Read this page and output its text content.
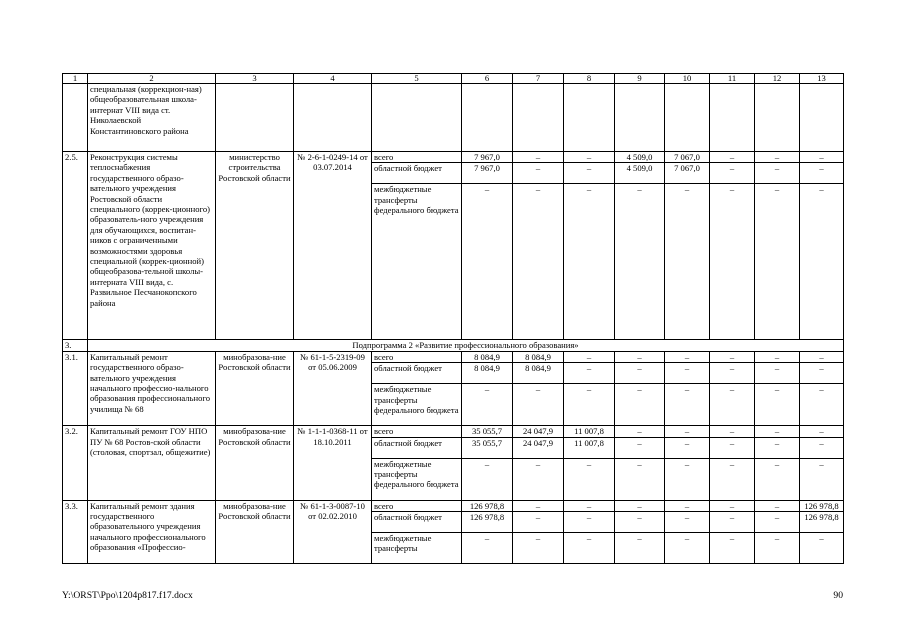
1	2	3	4	5	6	7	8	9	10	11	12	13
	специальная (коррекцион-ная) общеобразовательная школа-интернат VIII вида ст. Николаевской Константиновского района											
2.5.	Реконструкция системы теплоснабжения государственного образо-вательного учреждения Ростовской области специального (коррек-ционного) образователь-ного учреждения для обучающихся, воспитан-ников с ограниченными возможностями здоровья специальной (коррек-ционной) общеобразова-тельной школы-интерната VIII вида, с. Развильное Песчанокопского района	министерство строительства Ростовской области	№ 2-6-1-0249-14 от 03.07.2014	всего	7 967,0	–	–	4 509,0	7 067,0	–	–	–
				областной бюджет	7 967,0	–	–	4 509,0	7 067,0	–	–	–
				межбюджетные трансферты федерального бюджета	–	–	–	–	–	–	–	–
3.	Подпрограмма 2 «Развитие профессионального образования»											
3.1.	Капитальный ремонт государственного образо-вательного учреждения начального профессио-нального образования профессионального училища № 68	минобразова-ние Ростовской области	№ 61-1-5-2319-09 от 05.06.2009	всего	8 084,9	8 084,9	–	–	–	–	–	–
				областной бюджет	8 084,9	8 084,9	–	–	–	–	–	–
				межбюджетные трансферты федерального бюджета	–	–	–	–	–	–	–	–
3.2.	Капитальный ремонт ГОУ НПО ПУ № 68 Ростов-ской области (столовая, спортзал, общежитие)	минобразова-ние Ростовской области	№ 1-1-1-0368-11 от 18.10.2011	всего	35 055,7	24 047,9	11 007,8	–	–	–	–	–
				областной бюджет	35 055,7	24 047,9	11 007,8	–	–	–	–	–
				межбюджетные трансферты федерального бюджета	–	–	–	–	–	–	–	–
3.3.	Капитальный ремонт здания государственного образовательного учреждения начального профессионального образования «Профессио-	минобразова-ние Ростовской области	№ 61-1-3-0087-10 от 02.02.2010	всего	126 978,8	–	–	–	–	–	–	126 978,8
				областной бюджет	126 978,8	–	–	–	–	–	–	126 978,8
				межбюджетные трансферты	–	–	–	–	–	–	–	–
Y:\ORST\Ppo\1204p817.f17.docx	90
